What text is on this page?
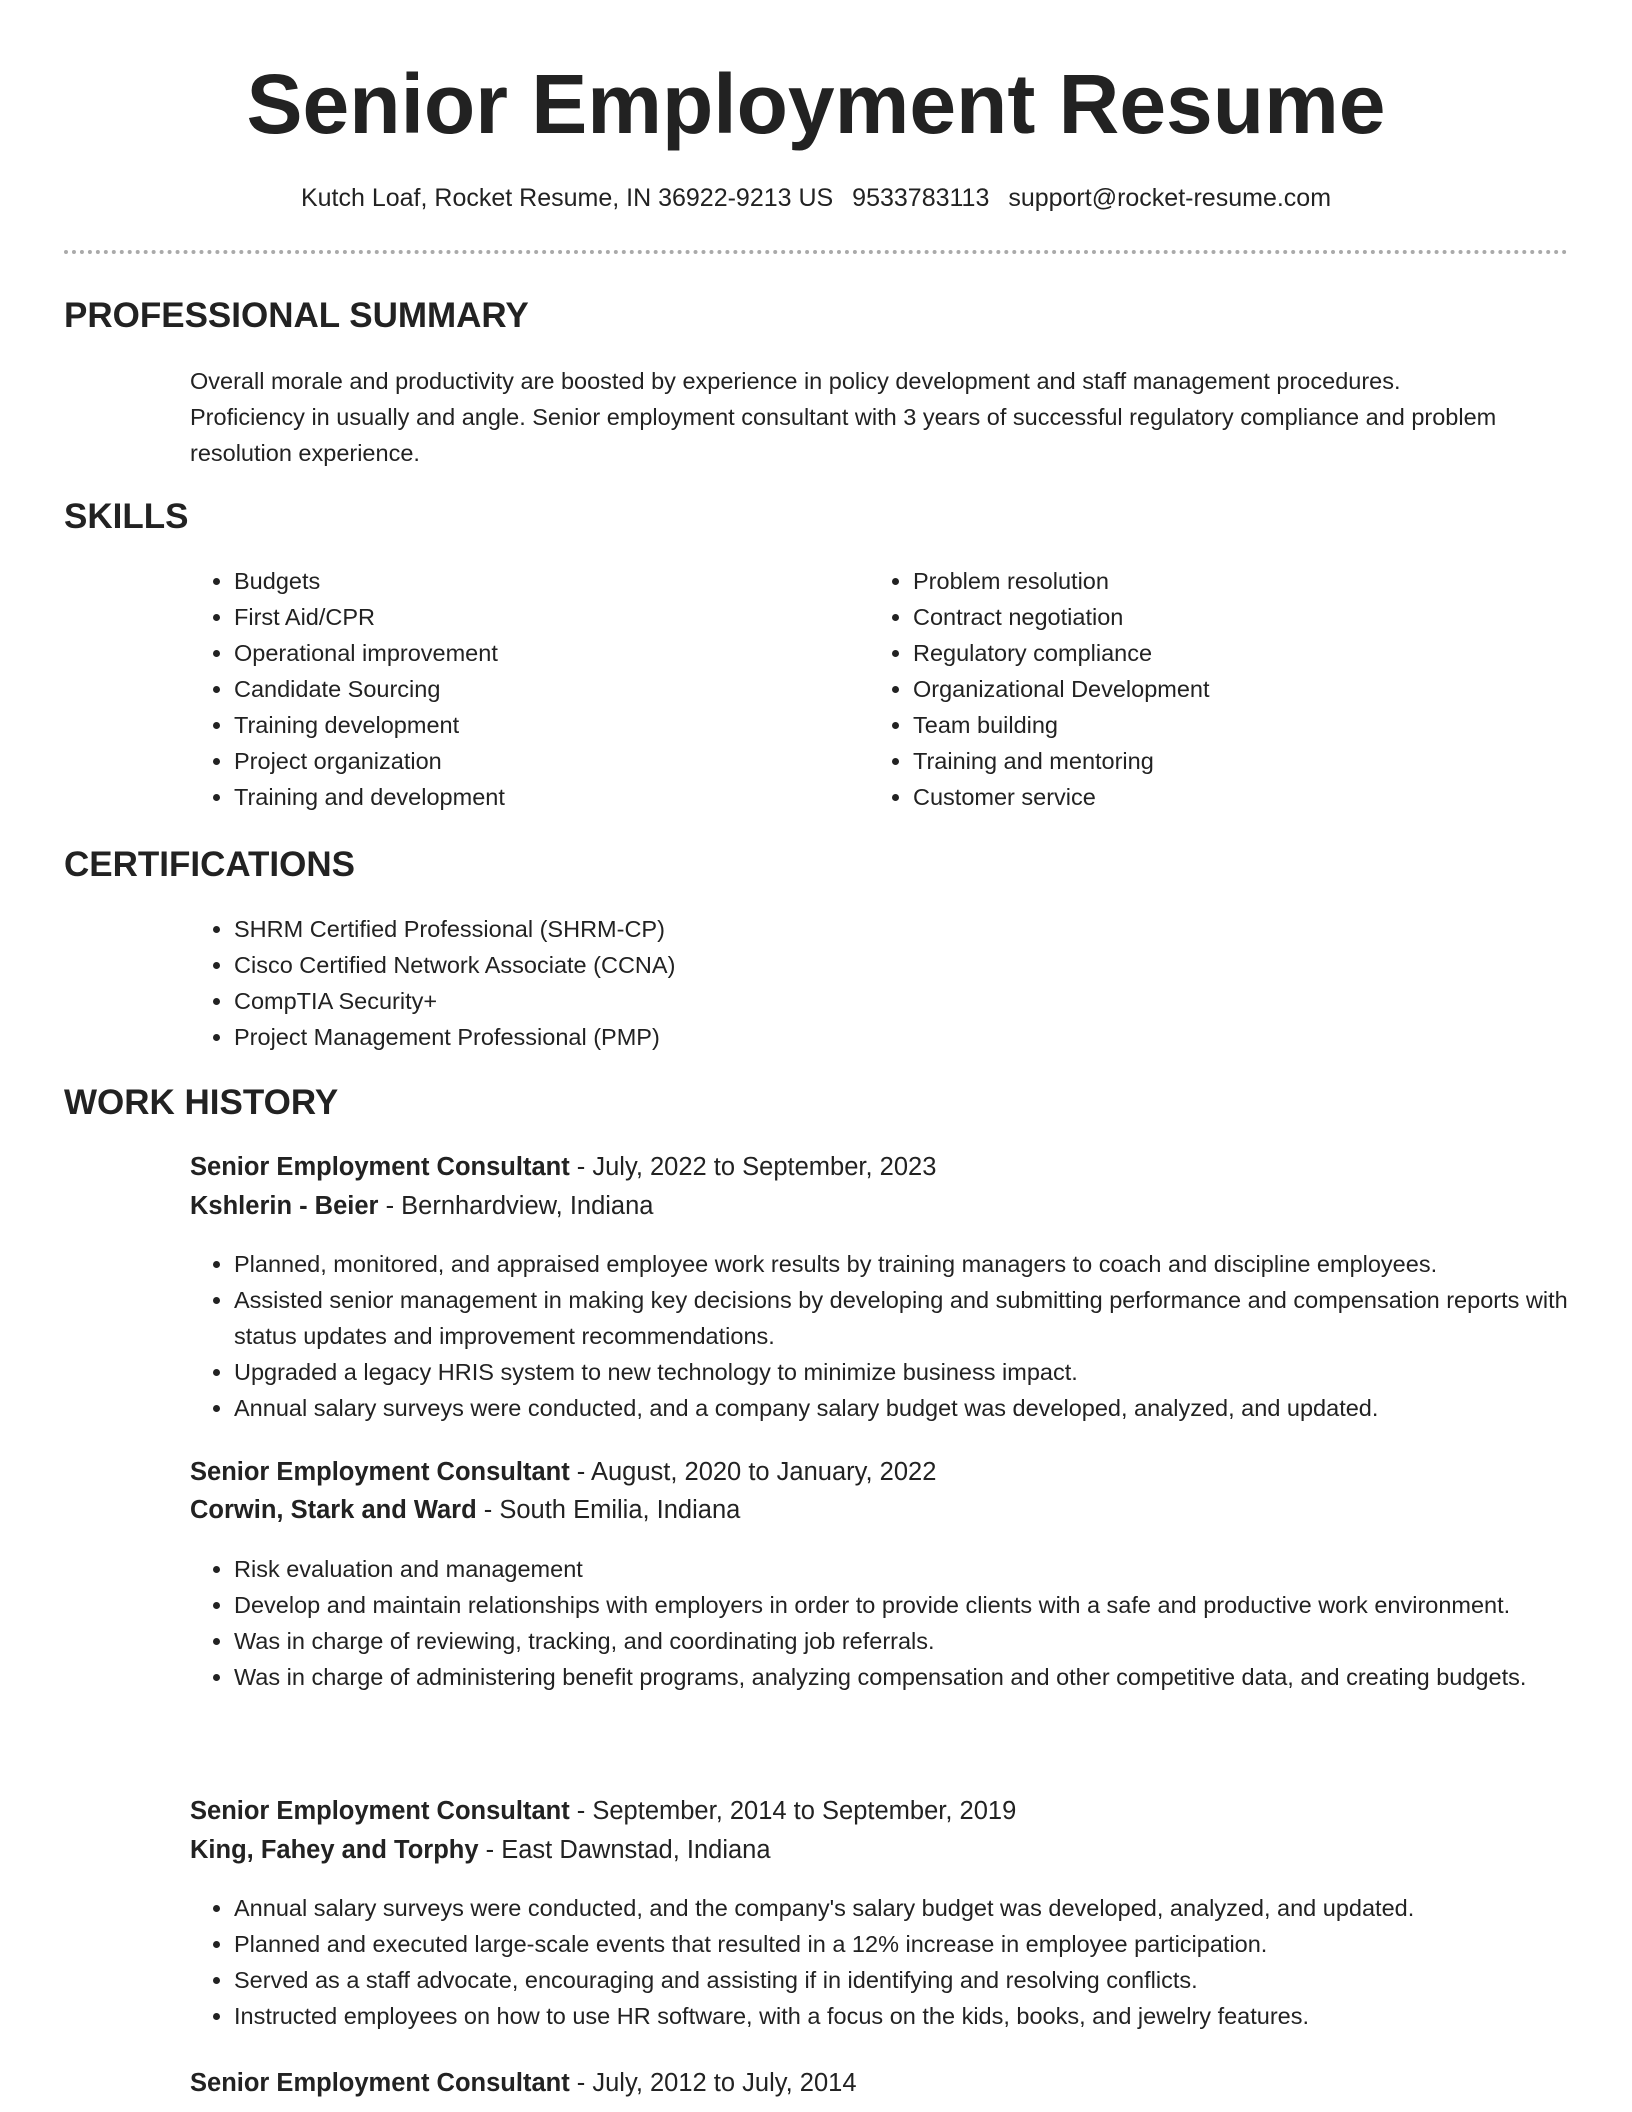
Senior Employment Resume
Kutch Loaf, Rocket Resume, IN 36922-9213 US 9533783113 support@rocket-resume.com
PROFESSIONAL SUMMARY

Overall morale and productivity are boosted by experience in policy development and staff management procedures. Proficiency in usually and angle. Senior employment consultant with 3 years of successful regulatory compliance and problem resolution experience.

SKILLS
• Budgets
• First Aid/CPR
• Operational improvement
• Candidate Sourcing
• Training development
• Project organization
• Training and development
• Problem resolution
• Contract negotiation
• Regulatory compliance
• Organizational Development
• Team building
• Training and mentoring
• Customer service
CERTIFICATIONS
• SHRM Certified Professional (SHRM-CP)
• Cisco Certified Network Associate (CCNA)
• CompTIA Security+
• Project Management Professional (PMP)
WORK HISTORY
Senior Employment Consultant - July, 2022 to September, 2023
Kshlerin - Beier - Bernhardview, Indiana
• Planned, monitored, and appraised employee work results by training managers to coach and discipline employees.
• Assisted senior management in making key decisions by developing and submitting performance and compensation reports with status updates and improvement recommendations.
• Upgraded a legacy HRIS system to new technology to minimize business impact.
• Annual salary surveys were conducted, and a company salary budget was developed, analyzed, and updated.
Senior Employment Consultant - August, 2020 to January, 2022
Corwin, Stark and Ward - South Emilia, Indiana
• Risk evaluation and management
• Develop and maintain relationships with employers in order to provide clients with a safe and productive work environment.
• Was in charge of reviewing, tracking, and coordinating job referrals.
• Was in charge of administering benefit programs, analyzing compensation and other competitive data, and creating budgets.
Senior Employment Consultant - September, 2014 to September, 2019
King, Fahey and Torphy - East Dawnstad, Indiana
• Annual salary surveys were conducted, and the company's salary budget was developed, analyzed, and updated.
• Planned and executed large-scale events that resulted in a 12% increase in employee participation.
• Served as a staff advocate, encouraging and assisting if in identifying and resolving conflicts.
• Instructed employees on how to use HR software, with a focus on the kids, books, and jewelry features.
Senior Employment Consultant - July, 2012 to July, 2014
